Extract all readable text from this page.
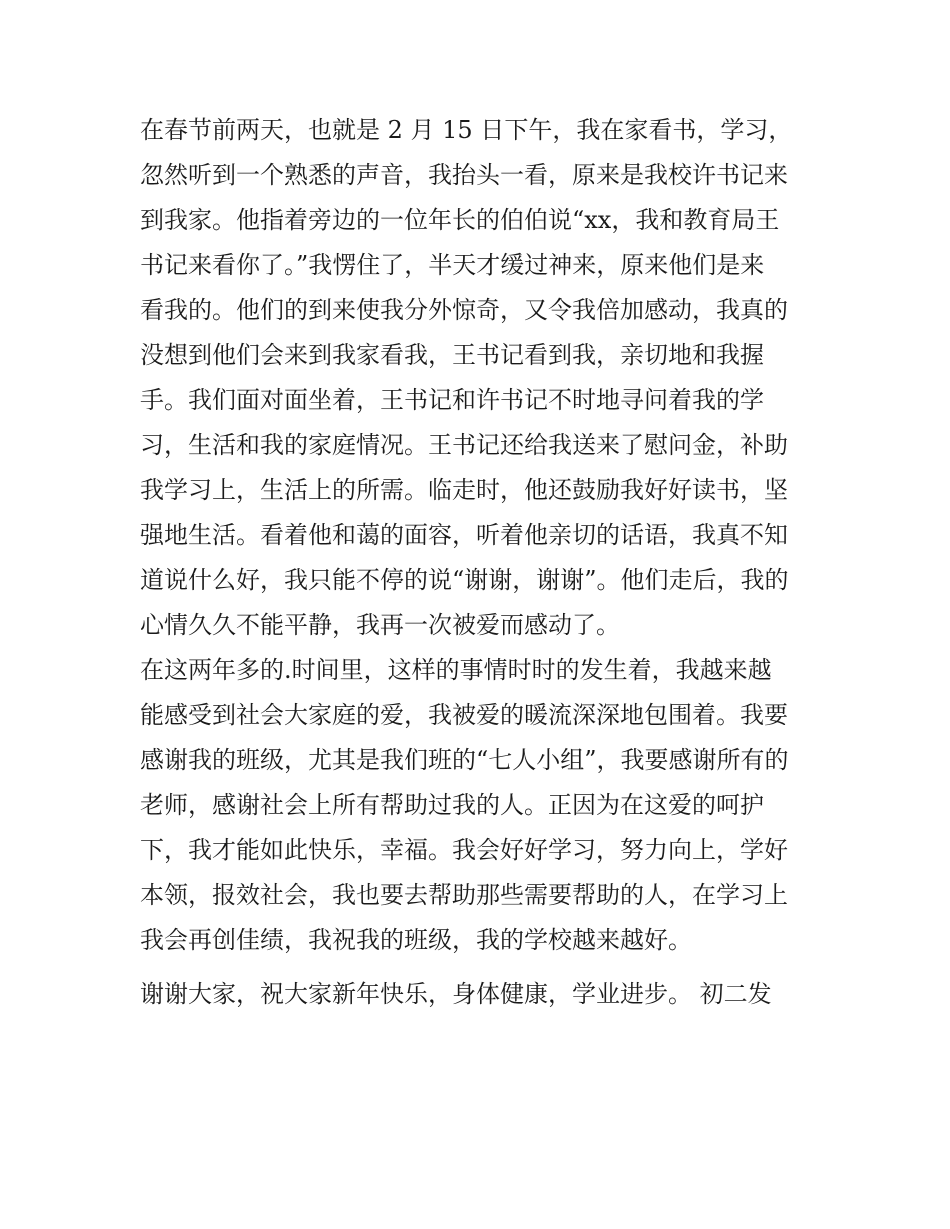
在春节前两天，也就是 2 月 15 日下午，我在家看书，学习，

忽然听到一个熟悉的声音，我抬头一看，原来是我校许书记来

到我家。他指着旁边的一位年长的伯伯说“xx，我和教育局王

书记来看你了。”我愣住了，半天才缓过神来，原来他们是来

看我的。他们的到来使我分外惊奇，又令我倍加感动，我真的

没想到他们会来到我家看我，王书记看到我，亲切地和我握

手。我们面对面坐着，王书记和许书记不时地寻问着我的学

习，生活和我的家庭情况。王书记还给我送来了慰问金，补助

我学习上，生活上的所需。临走时，他还鼓励我好好读书，坚

强地生活。看着他和蔼的面容，听着他亲切的话语，我真不知

道说什么好，我只能不停的说“谢谢，谢谢”。他们走后，我的

心情久久不能平静，我再一次被爱而感动了。

在这两年多的.时间里，这样的事情时时的发生着，我越来越

能感受到社会大家庭的爱，我被爱的暖流深深地包围着。我要

感谢我的班级，尤其是我们班的“七人小组”，我要感谢所有的

老师，感谢社会上所有帮助过我的人。正因为在这爱的呵护

下，我才能如此快乐，幸福。我会好好学习，努力向上，学好

本领，报效社会，我也要去帮助那些需要帮助的人，在学习上

我会再创佳绩，我祝我的班级，我的学校越来越好。

谢谢大家，祝大家新年快乐，身体健康，学业进步。 初二发
